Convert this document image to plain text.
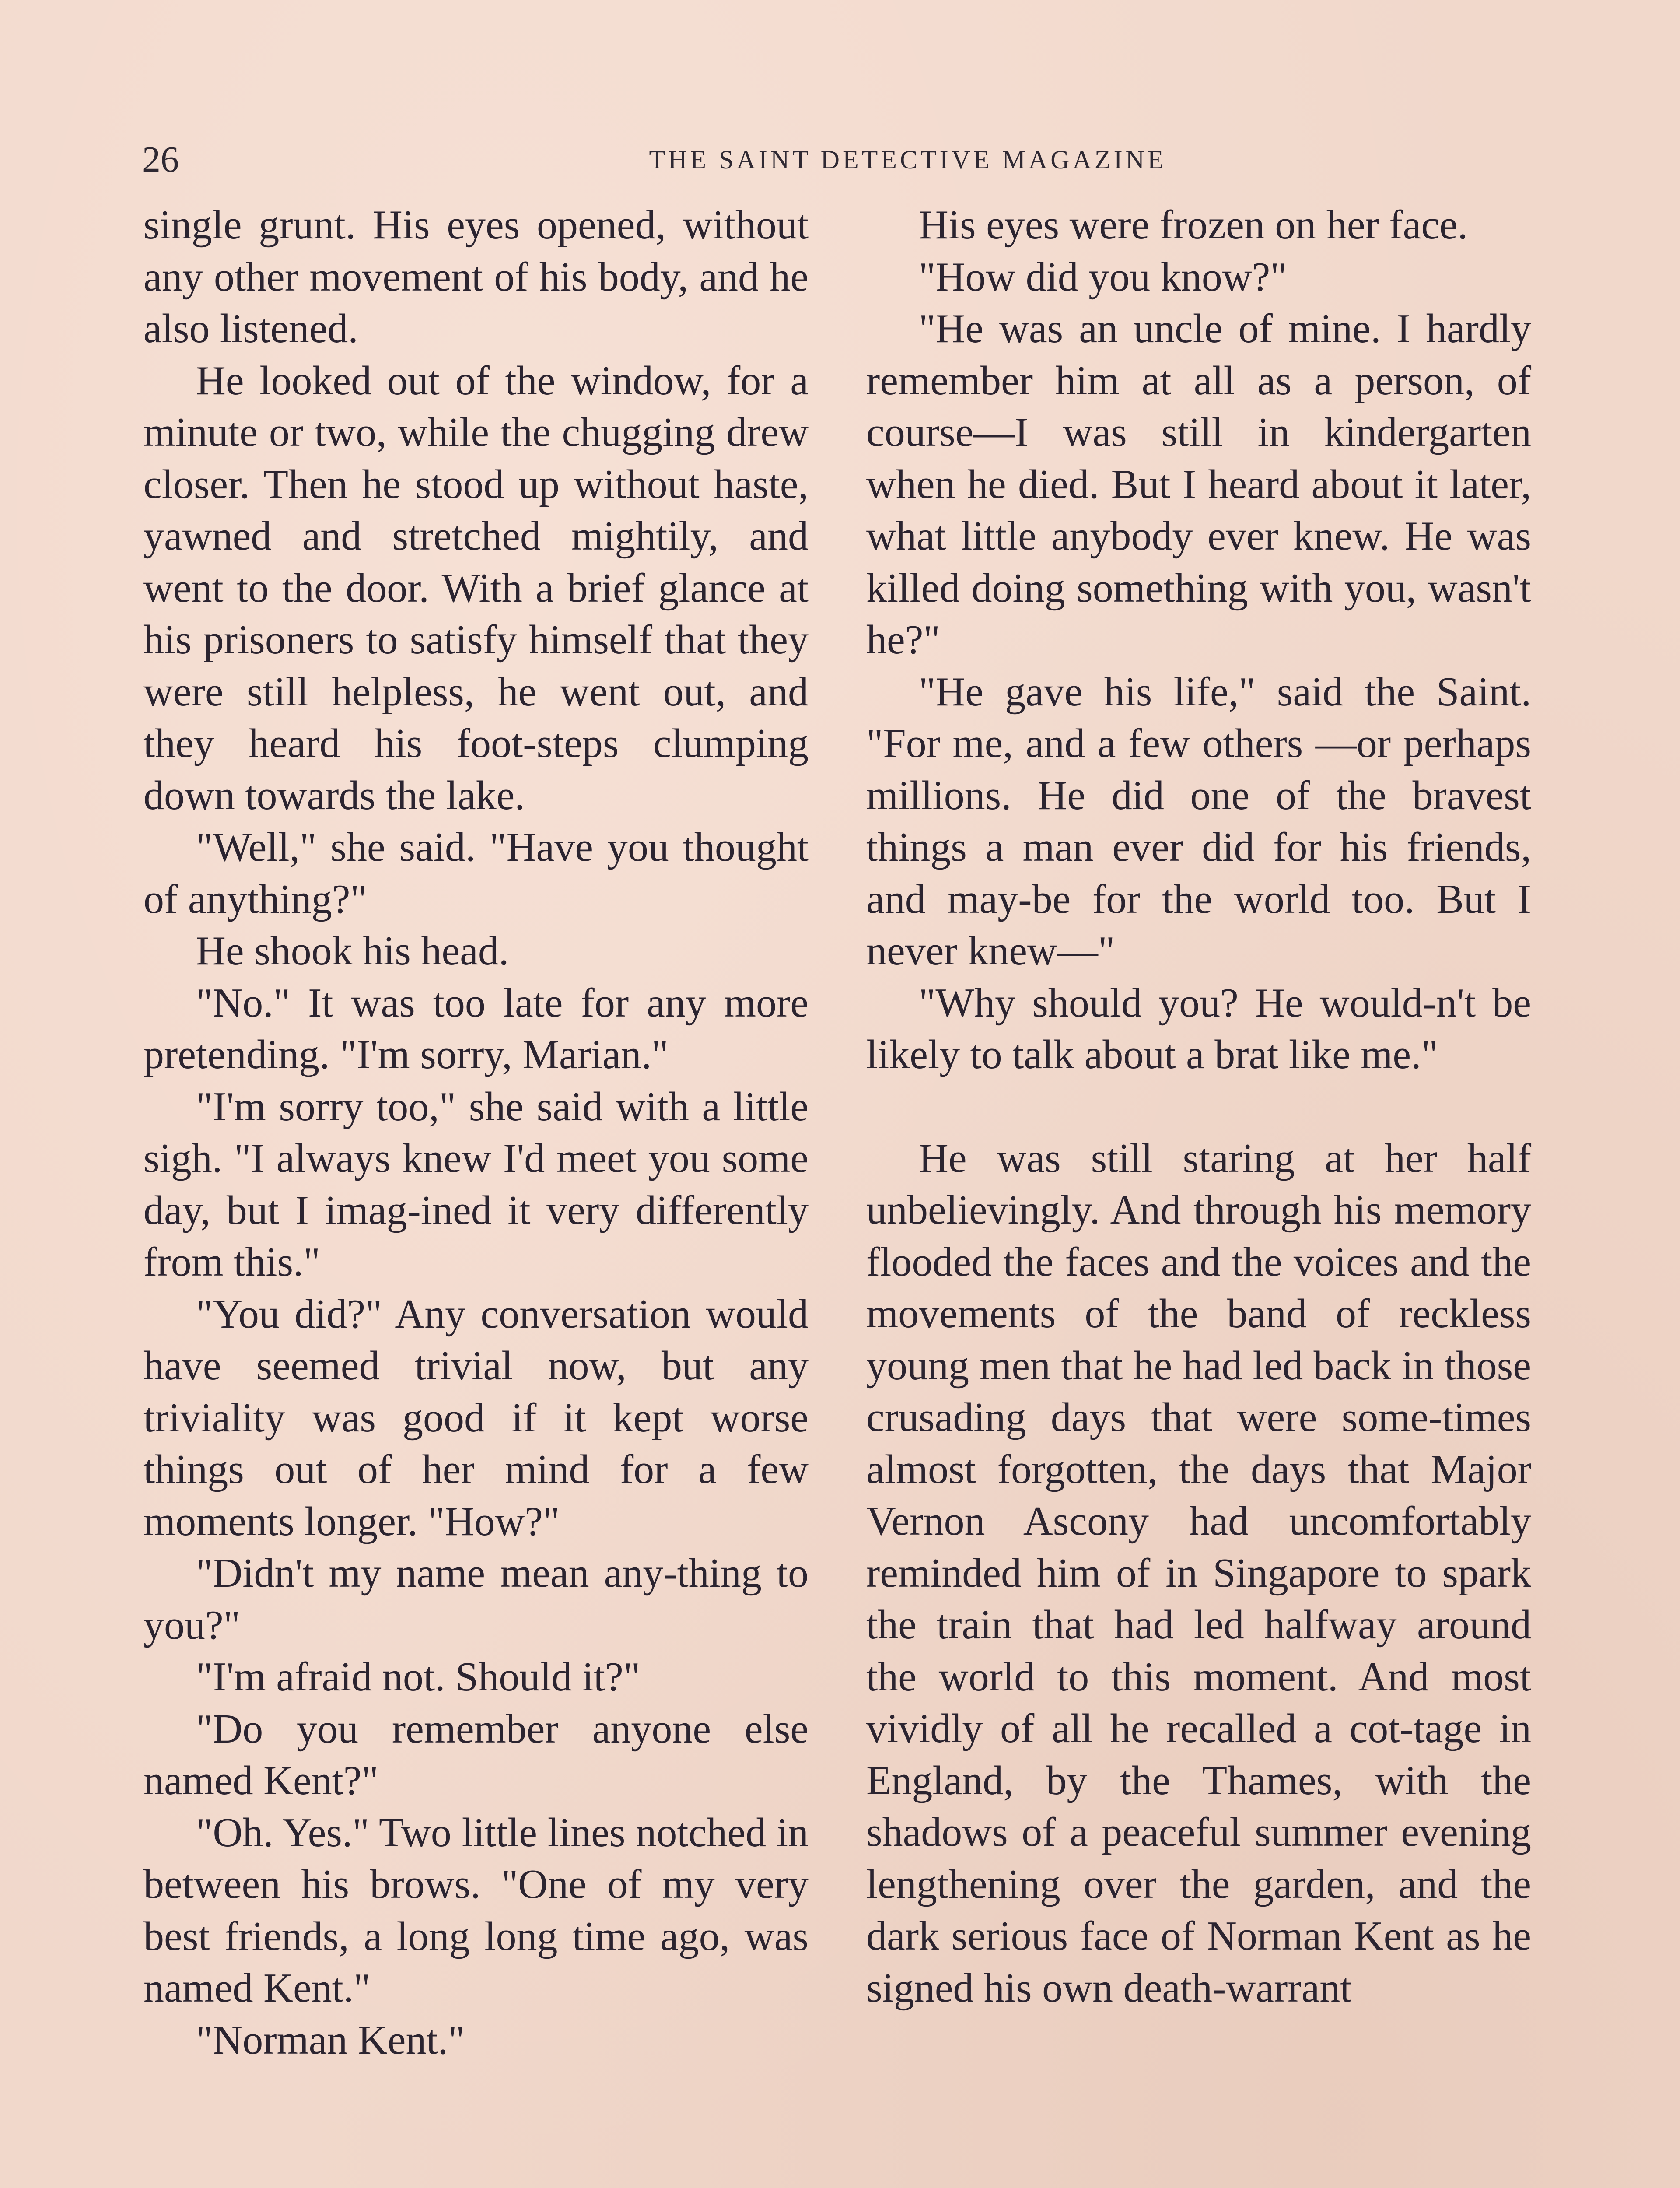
26	THE SAINT DETECTIVE MAGAZINE

single grunt. His eyes opened, without any other movement of his body, and he also listened.

He looked out of the window, for a minute or two, while the chugging drew closer. Then he stood up without haste, yawned and stretched mightily, and went to the door. With a brief glance at his prisoners to satisfy himself that they were still helpless, he went out, and they heard his foot-steps clumping down towards the lake.

"Well," she said. "Have you thought of anything?"

He shook his head.

"No." It was too late for any more pretending. "I'm sorry, Marian."

"I'm sorry too," she said with a little sigh. "I always knew I'd meet you some day, but I imag-ined it very differently from this."

"You did?" Any conversation would have seemed trivial now, but any triviality was good if it kept worse things out of her mind for a few moments longer. "How?"

"Didn't my name mean any-thing to you?"

"I'm afraid not. Should it?"

"Do you remember anyone else named Kent?"

"Oh. Yes." Two little lines notched in between his brows. "One of my very best friends, a long long time ago, was named Kent."

"Norman Kent."

His eyes were frozen on her face.

"How did you know?"

"He was an uncle of mine. I hardly remember him at all as a person, of course—I was still in kindergarten when he died. But I heard about it later, what little anybody ever knew. He was killed doing something with you, wasn't he?"

"He gave his life," said the Saint. "For me, and a few others —or perhaps millions. He did one of the bravest things a man ever did for his friends, and may-be for the world too. But I never knew—"

"Why should you? He would-n't be likely to talk about a brat like me."

He was still staring at her half unbelievingly. And through his memory flooded the faces and the voices and the movements of the band of reckless young men that he had led back in those crusading days that were some-times almost forgotten, the days that Major Vernon Ascony had uncomfortably reminded him of in Singapore to spark the train that had led halfway around the world to this moment. And most vividly of all he recalled a cot-tage in England, by the Thames, with the shadows of a peaceful summer evening lengthening over the garden, and the dark serious face of Norman Kent as he signed his own death-warrant
